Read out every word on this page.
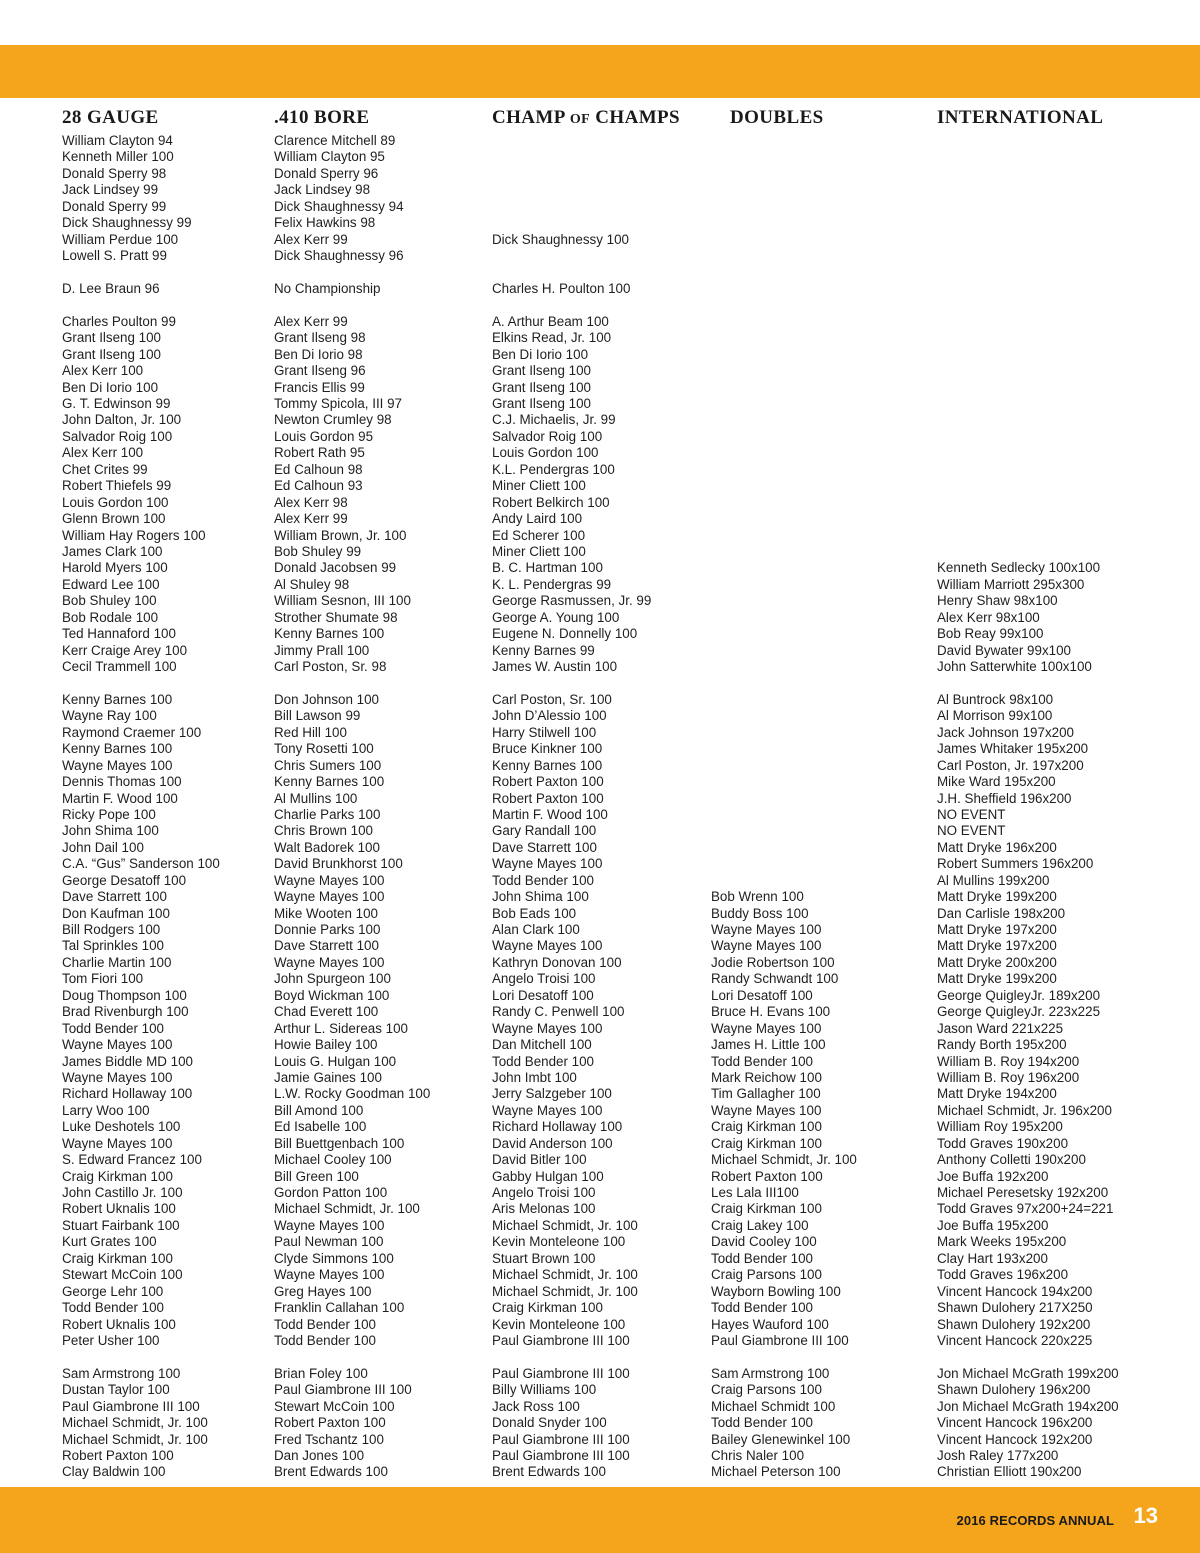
28 GAUGE
William Clayton 94
Kenneth Miller 100
Donald Sperry 98
Jack Lindsey 99
Donald Sperry 99
Dick Shaughnessy 99
William Perdue 100
Lowell S. Pratt 99
D. Lee Braun 96
Charles Poulton 99
Grant Ilseng 100
Grant Ilseng 100
Alex Kerr 100
Ben Di Iorio 100
G. T. Edwinson 99
John Dalton, Jr. 100
Salvador Roig 100
Alex Kerr 100
Chet Crites 99
Robert Thiefels 99
Louis Gordon 100
Glenn Brown 100
William Hay Rogers 100
James Clark 100
Harold Myers 100
Edward Lee 100
Bob Shuley 100
Bob Rodale 100
Ted Hannaford 100
Kerr Craige Arey 100
Cecil Trammell 100
Kenny Barnes 100
Wayne Ray 100
Raymond Craemer 100
Kenny Barnes 100
Wayne Mayes 100
Dennis Thomas 100
Martin F. Wood 100
Ricky Pope 100
John Shima 100
John Dail 100
C.A. “Gus” Sanderson 100
George Desatoff 100
Dave Starrett 100
Don Kaufman 100
Bill Rodgers 100
Tal Sprinkles 100
Charlie Martin 100
Tom Fiori 100
Doug Thompson 100
Brad Rivenburgh 100
Todd Bender 100
Wayne Mayes 100
James Biddle MD 100
Wayne Mayes 100
Richard Hollaway 100
Larry Woo 100
Luke Deshotels 100
Wayne Mayes 100
S. Edward Francez 100
Craig Kirkman 100
John Castillo Jr. 100
Robert Uknalis 100
Stuart Fairbank 100
Kurt Grates 100
Craig Kirkman 100
Stewart McCoin 100
George Lehr 100
Todd Bender 100
Robert Uknalis 100
Peter Usher 100
Sam Armstrong 100
Dustan Taylor 100
Paul Giambrone III 100
Michael Schmidt, Jr. 100
Michael Schmidt, Jr. 100
Robert Paxton 100
Clay Baldwin 100
.410 BORE
Clarence Mitchell 89
William Clayton 95
Donald Sperry 96
Jack Lindsey 98
Dick Shaughnessy 94
Felix Hawkins 98
Alex Kerr 99
Dick Shaughnessy 96
No Championship
Alex Kerr 99
Grant Ilseng 98
Ben Di Iorio 98
Grant Ilseng 96
Francis Ellis 99
Tommy Spicola, III 97
Newton Crumley 98
Louis Gordon 95
Robert Rath 95
Ed Calhoun 98
Ed Calhoun 93
Alex Kerr 98
Alex Kerr 99
William Brown, Jr. 100
Bob Shuley 99
Donald Jacobsen 99
Al Shuley 98
William Sesnon, III 100
Strother Shumate 98
Kenny Barnes 100
Jimmy Prall 100
Carl Poston, Sr. 98
Don Johnson 100
Bill Lawson 99
Red Hill 100
Tony Rosetti 100
Chris Sumers 100
Kenny Barnes 100
Al Mullins 100
Charlie Parks 100
Chris Brown 100
Walt Badorek 100
David Brunkhorst 100
Wayne Mayes 100
Wayne Mayes 100
Mike Wooten 100
Donnie Parks 100
Dave Starrett 100
Wayne Mayes 100
John Spurgeon 100
Boyd Wickman 100
Chad Everett 100
Arthur L. Sidereas 100
Howie Bailey 100
Louis G. Hulgan 100
Jamie Gaines 100
L.W. Rocky Goodman 100
Bill Amond 100
Ed Isabelle 100
Bill Buettgenbach 100
Michael Cooley 100
Bill Green 100
Gordon Patton 100
Michael Schmidt, Jr. 100
Wayne Mayes 100
Paul Newman 100
Clyde Simmons 100
Wayne Mayes 100
Greg Hayes 100
Franklin Callahan 100
Todd Bender 100
Todd Bender 100
Brian Foley 100
Paul Giambrone III 100
Stewart McCoin 100
Robert Paxton 100
Fred Tschantz 100
Dan Jones 100
Brent Edwards 100
CHAMP OF CHAMPS
Dick Shaughnessy 100
Charles H. Poulton 100
A. Arthur Beam 100
Elkins Read, Jr. 100
Ben Di Iorio 100
Grant Ilseng 100
Grant Ilseng 100
Grant Ilseng 100
C.J. Michaelis, Jr. 99
Salvador Roig 100
Louis Gordon 100
K.L. Pendergras 100
Miner Cliett 100
Robert Belkirch 100
Andy Laird 100
Ed Scherer 100
Miner Cliett 100
B. C. Hartman 100
K. L. Pendergras 99
George Rasmussen, Jr. 99
George A. Young 100
Eugene N. Donnelly 100
Kenny Barnes 99
James W. Austin 100
Carl Poston, Sr. 100
John D’Alessio 100
Harry Stilwell 100
Bruce Kinkner 100
Kenny Barnes 100
Robert Paxton 100
Robert Paxton 100
Martin F. Wood 100
Gary Randall 100
Dave Starrett 100
Wayne Mayes 100
Todd Bender 100
John Shima 100
Bob Eads 100
Alan Clark 100
Wayne Mayes 100
Kathryn Donovan 100
Angelo Troisi 100
Lori Desatoff 100
Randy C. Penwell 100
Wayne Mayes 100
Dan Mitchell 100
Todd Bender 100
John Imbt 100
Jerry Salzgeber 100
Wayne Mayes 100
Richard Hollaway 100
David Anderson 100
David Bitler 100
Gabby Hulgan 100
Angelo Troisi 100
Aris Melonas 100
Michael Schmidt, Jr. 100
Kevin Monteleone 100
Stuart Brown 100
Michael Schmidt, Jr. 100
Michael Schmidt, Jr. 100
Craig Kirkman 100
Kevin Monteleone 100
Paul Giambrone III 100
Paul Giambrone III 100
Billy Williams 100
Jack Ross 100
Donald Snyder 100
Paul Giambrone III 100
Paul Giambrone III 100
Brent Edwards 100
DOUBLES
Bob Wrenn 100
Buddy Boss 100
Wayne Mayes 100
Wayne Mayes 100
Jodie Robertson 100
Randy Schwandt 100
Lori Desatoff 100
Bruce H. Evans 100
Wayne Mayes 100
James H. Little 100
Todd Bender 100
Mark Reichow 100
Tim Gallagher 100
Wayne Mayes 100
Craig Kirkman 100
Craig Kirkman 100
Michael Schmidt, Jr. 100
Robert Paxton 100
Les Lala III100
Craig Kirkman 100
Craig Lakey 100
David Cooley 100
Todd Bender 100
Craig Parsons 100
Wayborn Bowling 100
Todd Bender 100
Hayes Wauford 100
Paul Giambrone III 100
Sam Armstrong 100
Craig Parsons 100
Michael Schmidt 100
Todd Bender 100
Bailey Glenewinkel 100
Chris Naler 100
Michael Peterson 100
INTERNATIONAL
Kenneth Sedlecky 100x100
William Marriott 295x300
Henry Shaw 98x100
Alex Kerr 98x100
Bob Reay 99x100
David Bywater 99x100
John Satterwhite 100x100
Al Buntrock 98x100
Al Morrison 99x100
Jack Johnson 197x200
James Whitaker 195x200
Carl Poston, Jr. 197x200
Mike Ward 195x200
J.H. Sheffield 196x200
NO EVENT
NO EVENT
Matt Dryke 196x200
Robert Summers 196x200
Al Mullins 199x200
Matt Dryke 199x200
Dan Carlisle 198x200
Matt Dryke 197x200
Matt Dryke 197x200
Matt Dryke 200x200
Matt Dryke 199x200
George QuigleyJr. 189x200
George QuigleyJr. 223x225
Jason Ward 221x225
Randy Borth 195x200
William B. Roy 194x200
William B. Roy 196x200
Matt Dryke 194x200
Michael Schmidt, Jr. 196x200
William Roy 195x200
Todd Graves 190x200
Anthony Colletti 190x200
Joe Buffa 192x200
Michael Peresetsky 192x200
Todd Graves 97x200+24=221
Joe Buffa 195x200
Mark Weeks 195x200
Clay Hart 193x200
Todd Graves 196x200
Vincent Hancock 194x200
Shawn Dulohery 217X250
Shawn Dulohery 192x200
Vincent Hancock 220x225
Jon Michael McGrath 199x200
Shawn Dulohery 196x200
Jon Michael McGrath 194x200
Vincent Hancock 196x200
Vincent Hancock 192x200
Josh Raley 177x200
Christian Elliott 190x200
2016 RECORDS ANNUAL 13
